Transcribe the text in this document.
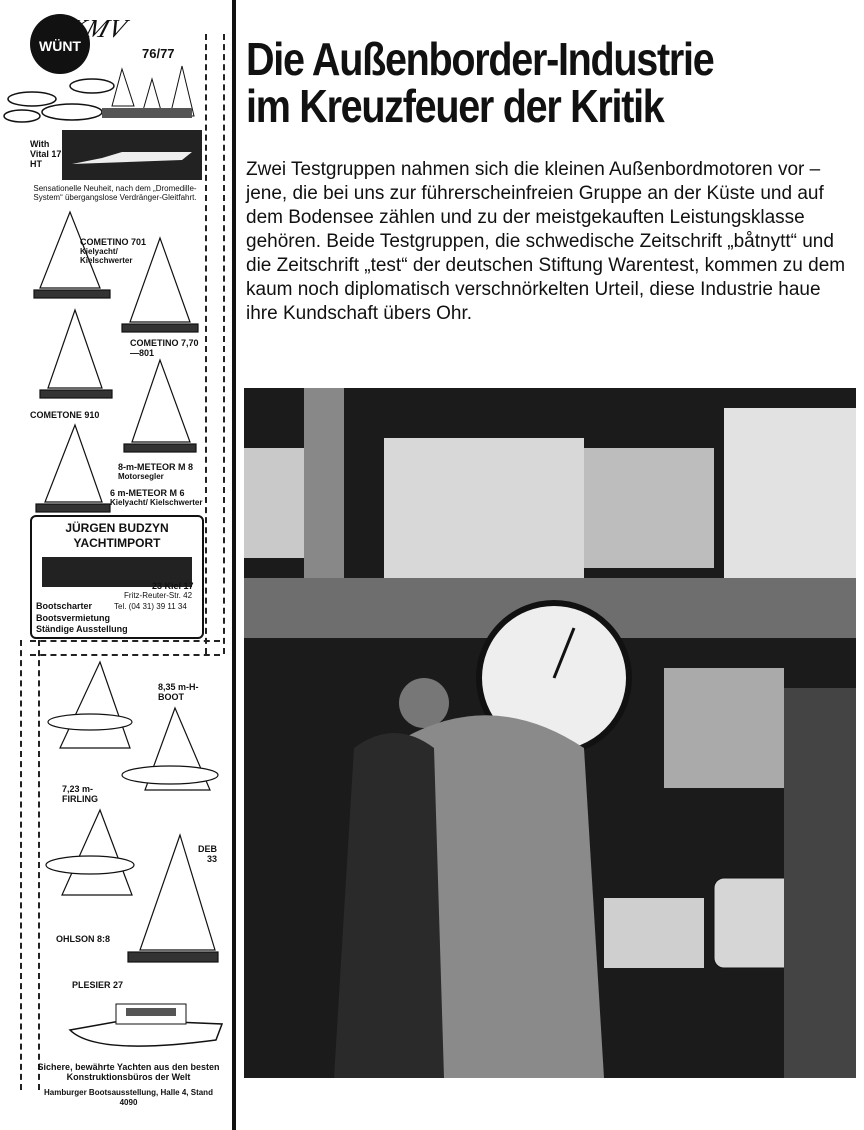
WÜNT
KMV
76/77
With Vital 17 HT
Sensationelle Neuheit, nach dem „Dromedille-System“ übergangslose Verdränger-Gleitfahrt.
COMETINO 701
Kielyacht/ Kielschwerter
COMETINO 7,70—801
COMETONE 910
8-m-METEOR M 8
Motorsegler
6 m-METEOR M 6
Kielyacht/ Kielschwerter
JÜRGEN BUDZYN
YACHTIMPORT
23 Kiel 17
Fritz-Reuter-Str. 42
Bootscharter	Tel. (04 31) 39 11 34
Bootsvermietung
Ständige Ausstellung
8,35 m-H-BOOT
7,23 m-FIRLING
DEB 33
OHLSON 8:8
PLESIER 27
Sichere, bewährte Yachten aus den besten Konstruktionsbüros der Welt
Hamburger Bootsausstellung, Halle 4, Stand 4090
Die Außenborder-Industrie
im Kreuzfeuer der Kritik
Zwei Testgruppen nahmen sich die kleinen Außenbordmotoren vor – jene, die bei uns zur führerscheinfreien Gruppe an der Küste und auf dem Bodensee zählen und zu der meistgekauften Leistungsklasse gehören. Beide Testgruppen, die schwedische Zeitschrift „båtnytt“ und die Zeitschrift „test“ der deutschen Stiftung Warentest, kommen zu dem kaum noch diplomatisch verschnörkelten Urteil, diese Industrie haue ihre Kundschaft übers Ohr.
